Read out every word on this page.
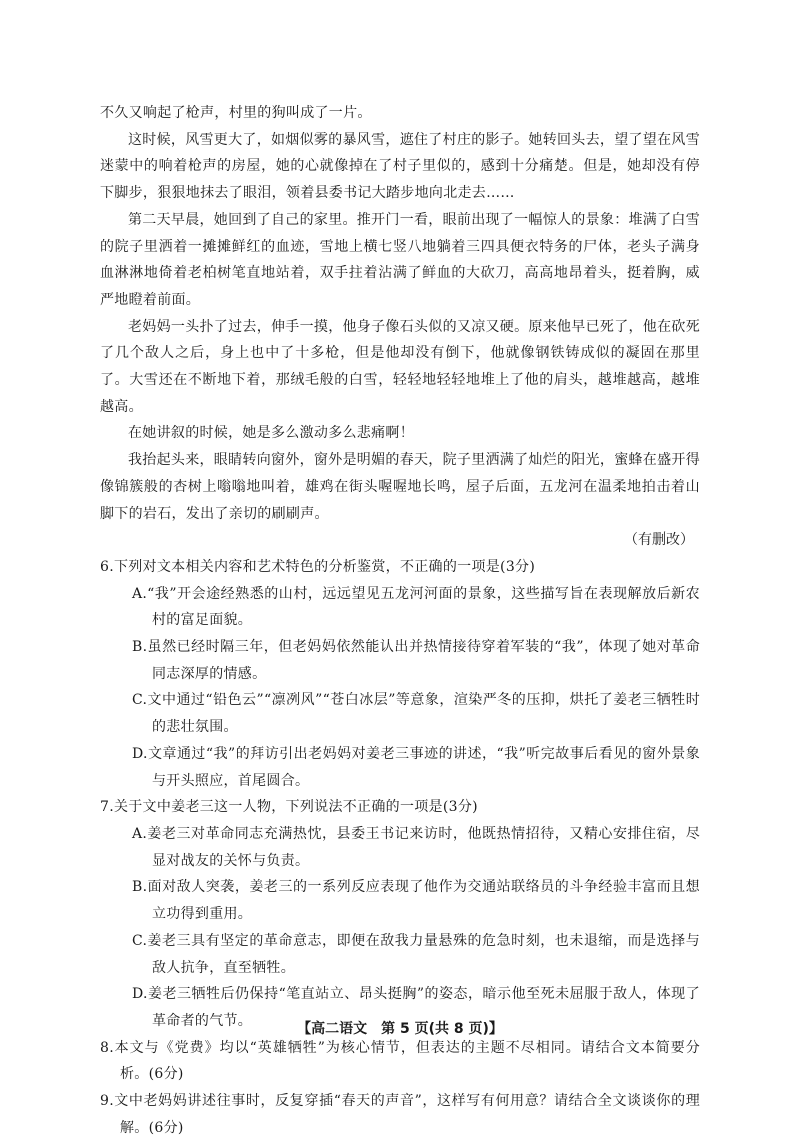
不久又响起了枪声，村里的狗叫成了一片。

这时候，风雪更大了，如烟似雾的暴风雪，遮住了村庄的影子。她转回头去，望了望在风雪迷蒙中的响着枪声的房屋，她的心就像掉在了村子里似的，感到十分痛楚。但是，她却没有停下脚步，狠狠地抹去了眼泪，领着县委书记大踏步地向北走去……

第二天早晨，她回到了自己的家里。推开门一看，眼前出现了一幅惊人的景象：堆满了白雪的院子里洒着一摊摊鲜红的血迹，雪地上横七竖八地躺着三四具便衣特务的尸体，老头子满身血淋淋地倚着老柏树笔直地站着，双手拄着沾满了鲜血的大砍刀，高高地昂着头，挺着胸，威严地瞪着前面。

老妈妈一头扑了过去，伸手一摸，他身子像石头似的又凉又硬。原来他早已死了，他在砍死了几个敌人之后，身上也中了十多枪，但是他却没有倒下，他就像钢铁铸成似的凝固在那里了。大雪还在不断地下着，那绒毛般的白雪，轻轻地轻轻地堆上了他的肩头，越堆越高，越堆越高。

在她讲叙的时候，她是多么激动多么悲痛啊！

我抬起头来，眼睛转向窗外，窗外是明媚的春天，院子里洒满了灿烂的阳光，蜜蜂在盛开得像锦簇般的杏树上嗡嗡地叫着，雄鸡在街头喔喔地长鸣，屋子后面，五龙河在温柔地拍击着山脚下的岩石，发出了亲切的刷刷声。

（有删改）

6.下列对文本相关内容和艺术特色的分析鉴赏，不正确的一项是(3分)

A.“我”开会途经熟悉的山村，远远望见五龙河河面的景象，这些描写旨在表现解放后新农村的富足面貌。

B.虽然已经时隔三年，但老妈妈依然能认出并热情接待穿着军装的“我”，体现了她对革命同志深厚的情感。

C.文中通过“铅色云”“凛冽风”“苍白冰层”等意象，渲染严冬的压抑，烘托了姜老三牺牲时的悲壮氛围。

D.文章通过“我”的拜访引出老妈妈对姜老三事迹的讲述，“我”听完故事后看见的窗外景象与开头照应，首尾圆合。

7.关于文中姜老三这一人物，下列说法不正确的一项是(3分)

A.姜老三对革命同志充满热忱，县委王书记来访时，他既热情招待，又精心安排住宿，尽显对战友的关怀与负责。

B.面对敌人突袭，姜老三的一系列反应表现了他作为交通站联络员的斗争经验丰富而且想立功得到重用。

C.姜老三具有坚定的革命意志，即便在敌我力量悬殊的危急时刻，也未退缩，而是选择与敌人抗争，直至牺牲。

D.姜老三牺牲后仍保持“笔直站立、昂头挺胸”的姿态，暗示他至死未屈服于敌人，体现了革命者的气节。

8.本文与《党费》均以“英雄牺牲”为核心情节，但表达的主题不尽相同。请结合文本简要分析。(6分)

9.文中老妈妈讲述往事时，反复穿插“春天的声音”，这样写有何用意？请结合全文谈谈你的理解。(6分)

【高二语文　第 5 页(共 8 页)】
